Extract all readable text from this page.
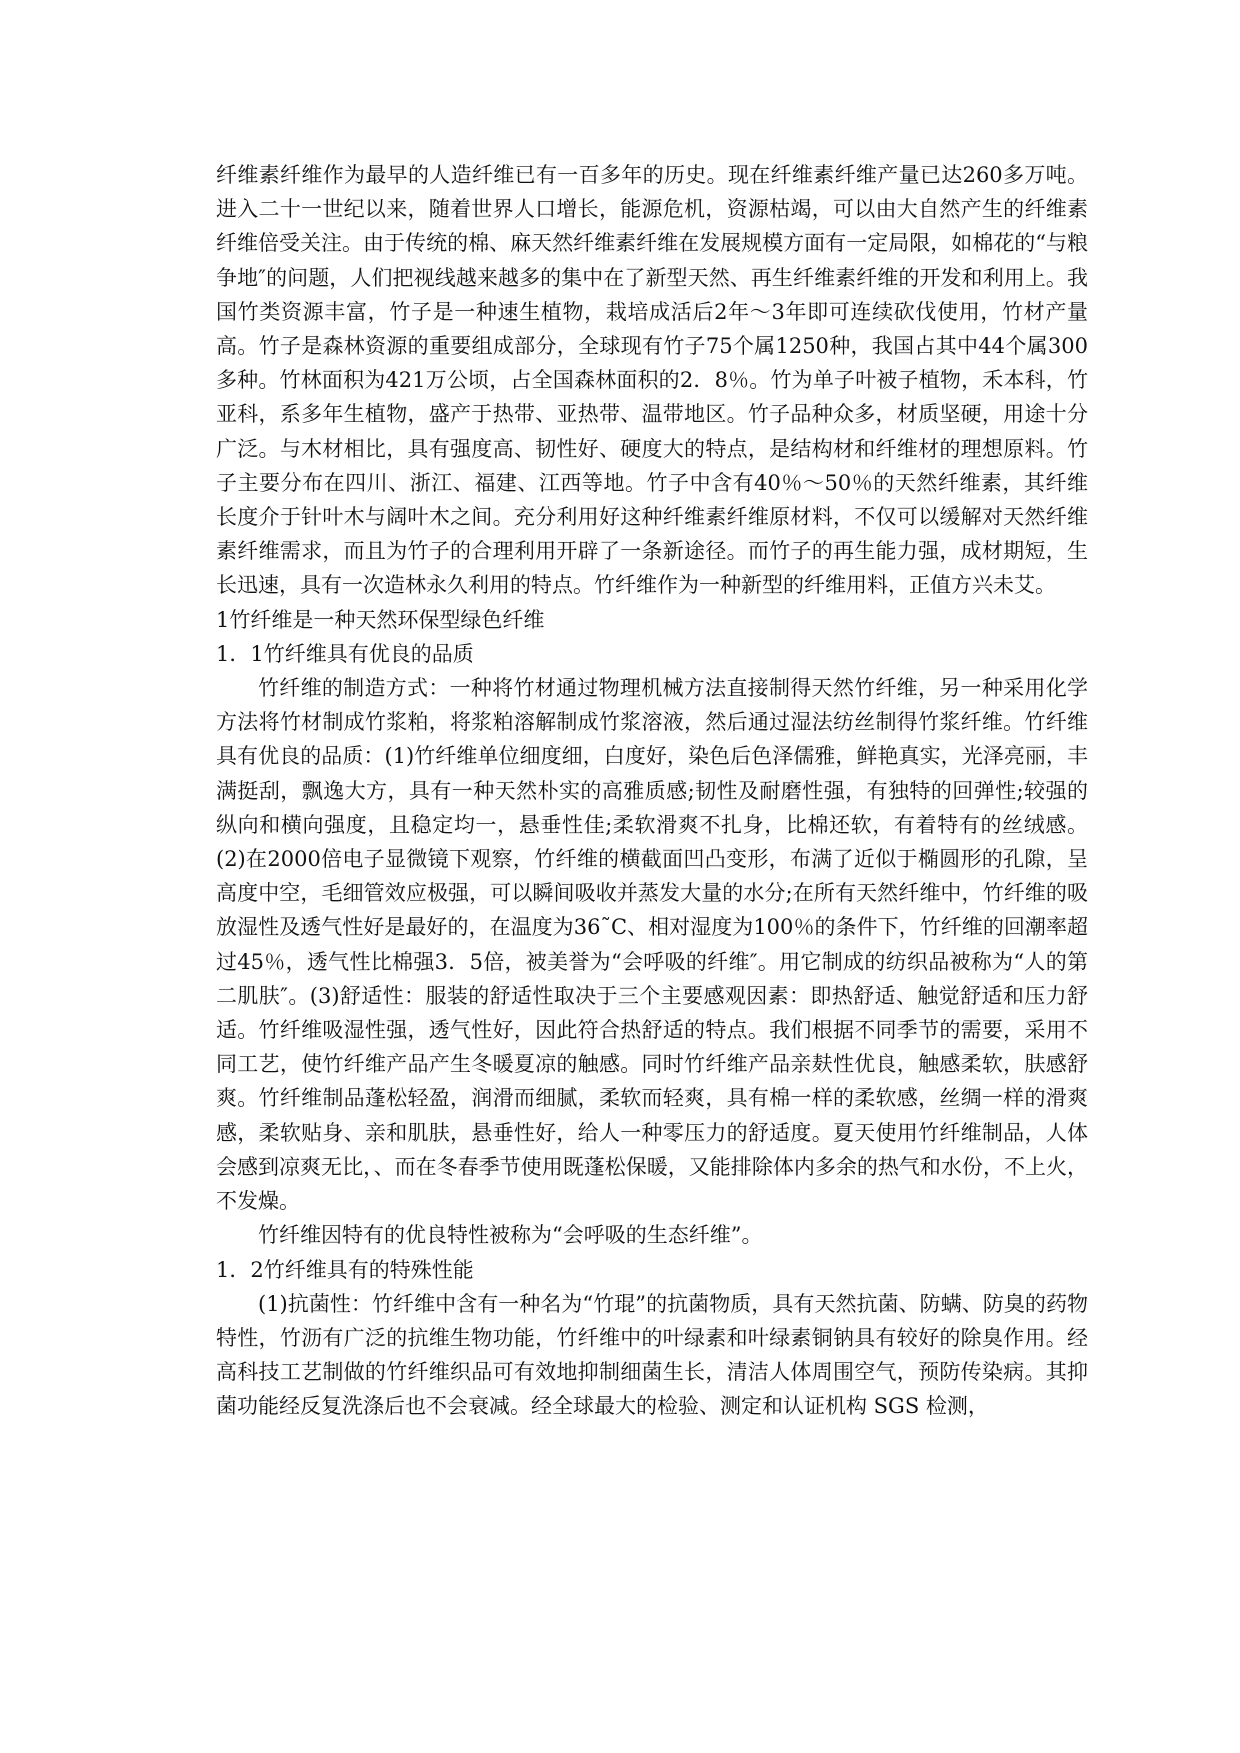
纤维素纤维作为最早的人造纤维已有一百多年的历史。现在纤维素纤维产量已达260多万吨。进入二十一世纪以来，随着世界人口增长，能源危机，资源枯竭，可以由大自然产生的纤维素纤维倍受关注。由于传统的棉、麻天然纤维素纤维在发展规模方面有一定局限，如棉花的“与粮争地″的问题，人们把视线越来越多的集中在了新型天然、再生纤维素纤维的开发和利用上。我国竹类资源丰富，竹子是一种速生植物，栽培成活后2年～3年即可连续砍伐使用，竹材产量高。竹子是森林资源的重要组成部分，全球现有竹子75个属1250种，我国占其中44个属300多种。竹林面积为421万公顷，占全国森林面积的2．8％。竹为单子叶被子植物，禾本科，竹亚科，系多年生植物，盛产于热带、亚热带、温带地区。竹子品种众多，材质坚硬，用途十分广泛。与木材相比，具有强度高、韧性好、硬度大的特点，是结构材和纤维材的理想原料。竹子主要分布在四川、浙江、福建、江西等地。竹子中含有40％～50％的天然纤维素，其纤维长度介于针叶木与阔叶木之间。充分利用好这种纤维素纤维原材料，不仅可以缓解对天然纤维素纤维需求，而且为竹子的合理利用开辟了一条新途径。而竹子的再生能力强，成材期短，生长迅速，具有一次造林永久利用的特点。竹纤维作为一种新型的纤维用料，正值方兴未艾。

1竹纤维是一种天然环保型绿色纤维

1．1竹纤维具有优良的品质

竹纤维的制造方式：一种将竹材通过物理机械方法直接制得天然竹纤维，另一种采用化学方法将竹材制成竹浆粕，将浆粕溶解制成竹浆溶液，然后通过湿法纺丝制得竹浆纤维。竹纤维具有优良的品质：(1)竹纤维单位细度细，白度好，染色后色泽儒雅，鲜艳真实，光泽亮丽，丰满挺刮，飘逸大方，具有一种天然朴实的高雅质感;韧性及耐磨性强，有独特的回弹性;较强的纵向和横向强度，且稳定均一，悬垂性佳;柔软滑爽不扎身，比棉还软，有着特有的丝绒感。(2)在2000倍电子显微镜下观察，竹纤维的横截面凹凸变形，布满了近似于椭圆形的孔隙，呈高度中空，毛细管效应极强，可以瞬间吸收并蒸发大量的水分;在所有天然纤维中，竹纤维的吸放湿性及透气性好是最好的，在温度为36˜C、相对湿度为100％的条件下，竹纤维的回潮率超过45％，透气性比棉强3．5倍，被美誉为“会呼吸的纤维″。用它制成的纺织品被称为“人的第二肌肤″。(3)舒适性：服装的舒适性取决于三个主要感观因素：即热舒适、触觉舒适和压力舒适。竹纤维吸湿性强，透气性好，因此符合热舒适的特点。我们根据不同季节的需要，采用不同工艺，使竹纤维产品产生冬暖夏凉的触感。同时竹纤维产品亲麸性优良，触感柔软，肤感舒爽。竹纤维制品蓬松轻盈，润滑而细腻，柔软而轻爽，具有棉一样的柔软感，丝绸一样的滑爽感，柔软贴身、亲和肌肤，悬垂性好，给人一种零压力的舒适度。夏天使用竹纤维制品，人体会感到凉爽无比，、而在冬春季节使用既蓬松保暖，又能排除体内多余的热气和水份，不上火，不发燥。

竹纤维因特有的优良特性被称为“会呼吸的生态纤维”。

1．2竹纤维具有的特殊性能

(1)抗菌性：竹纤维中含有一种名为“竹琨”的抗菌物质，具有天然抗菌、防螨、防臭的药物特性，竹沥有广泛的抗维生物功能，竹纤维中的叶绿素和叶绿素铜钠具有较好的除臭作用。经高科技工艺制做的竹纤维织品可有效地抑制细菌生长，清洁人体周围空气，预防传染病。其抑菌功能经反复洗涤后也不会衰减。经全球最大的检验、测定和认证机构 SGS 检测，
